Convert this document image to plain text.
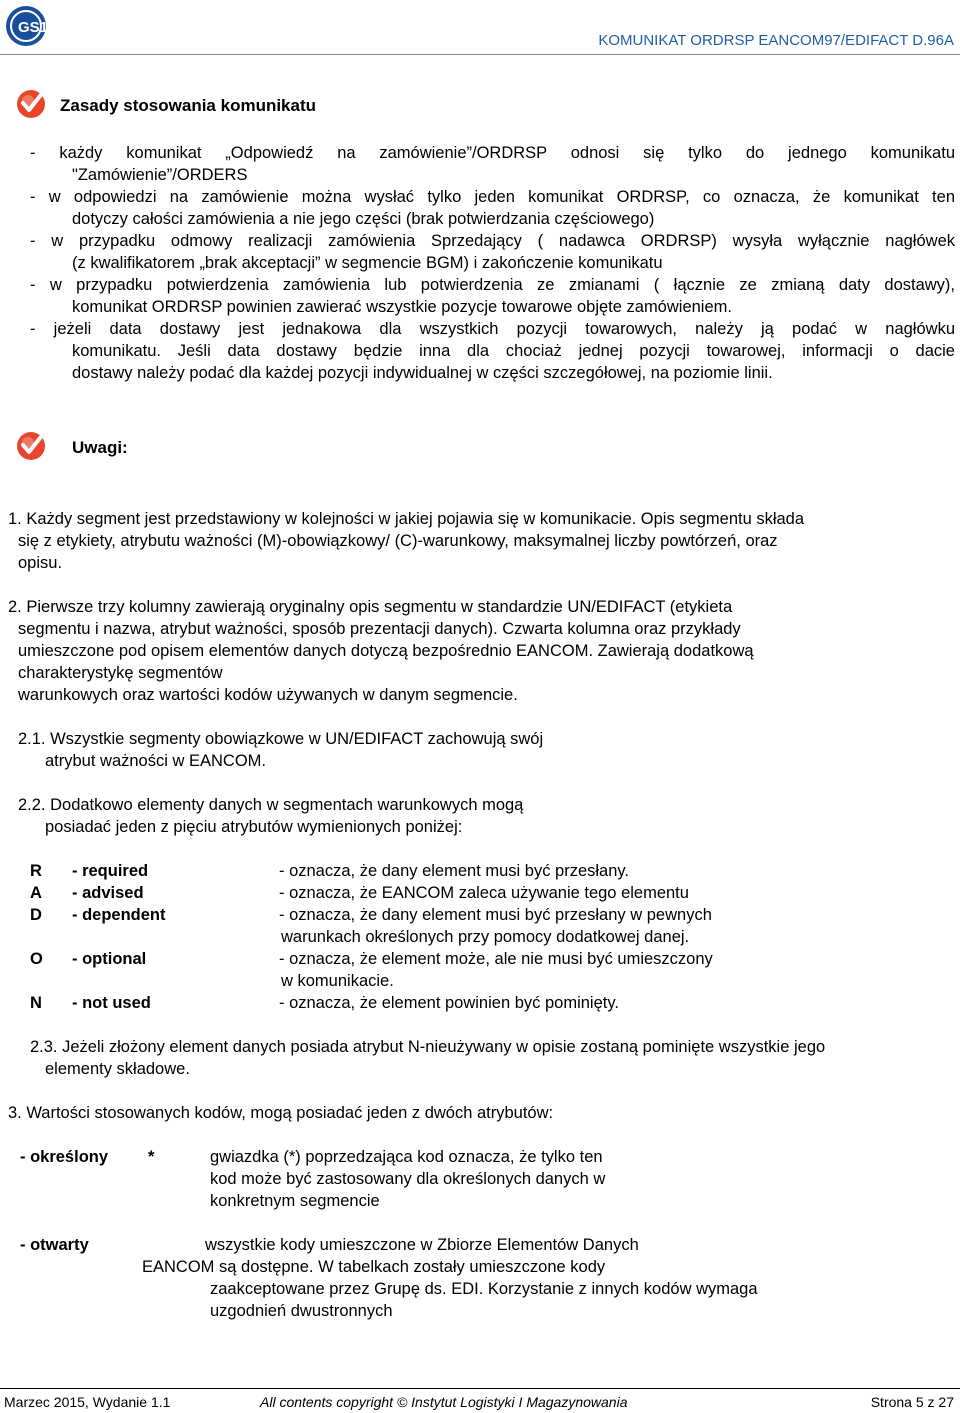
GS1
KOMUNIKAT ORDRSP EANCOM97/EDIFACT D.96A
Zasady stosowania komunikatu
- każdy komunikat „Odpowiedź na zamówienie”/ORDRSP odnosi się tylko do jednego komunikatu
"Zamówienie”/ORDERS
- w odpowiedzi na zamówienie można wysłać tylko jeden komunikat ORDRSP, co oznacza, że komunikat ten
dotyczy całości zamówienia a nie jego części (brak potwierdzania częściowego)
- w przypadku odmowy realizacji zamówienia Sprzedający ( nadawca ORDRSP) wysyła wyłącznie nagłówek
(z kwalifikatorem „brak akceptacji” w segmencie BGM) i zakończenie komunikatu
- w przypadku potwierdzenia zamówienia lub potwierdzenia ze zmianami ( łącznie ze zmianą daty dostawy),
komunikat ORDRSP powinien zawierać wszystkie pozycje towarowe objęte zamówieniem.
- jeżeli data dostawy jest jednakowa dla wszystkich pozycji towarowych, należy ją podać w nagłówku
komunikatu. Jeśli data dostawy będzie inna dla chociaż jednej pozycji towarowej, informacji o dacie
dostawy należy podać dla każdej pozycji indywidualnej w części szczegółowej, na poziomie linii.
Uwagi:
1. Każdy segment jest przedstawiony w kolejności w jakiej pojawia się w komunikacie. Opis segmentu składa
się z etykiety, atrybutu ważności (M)-obowiązkowy/ (C)-warunkowy, maksymalnej liczby powtórzeń, oraz
opisu.
2. Pierwsze trzy kolumny zawierają oryginalny opis segmentu w standardzie UN/EDIFACT (etykieta
segmentu i nazwa, atrybut ważności, sposób prezentacji danych). Czwarta kolumna oraz przykłady
umieszczone pod opisem elementów danych dotyczą bezpośrednio EANCOM. Zawierają dodatkową
charakterystykę segmentów
warunkowych oraz wartości kodów używanych w danym segmencie.
2.1. Wszystkie segmenty obowiązkowe w UN/EDIFACT zachowują swój
atrybut ważności w EANCOM.
2.2. Dodatkowo elementy danych w segmentach warunkowych mogą
posiadać jeden z pięciu atrybutów wymienionych poniżej:
R - required	- oznacza, że dany element musi być przesłany.
A - advised	- oznacza, że EANCOM zaleca używanie tego elementu
D - dependent	- oznacza, że dany element musi być przesłany w pewnych
warunkach określonych przy pomocy dodatkowej danej.
O - optional	- oznacza, że element może, ale nie musi być umieszczony
w komunikacie.
N - not used	- oznacza, że element powinien być pominięty.
2.3. Jeżeli złożony element danych posiada atrybut N-nieużywany w opisie zostaną pominięte wszystkie jego
elementy składowe.
3. Wartości stosowanych kodów, mogą posiadać jeden z dwóch atrybutów:
- określony *	gwiazdka (*) poprzedzająca kod oznacza, że tylko ten
kod może być zastosowany dla określonych danych w
konkretnym segmencie
- otwarty	wszystkie kody umieszczone w Zbiorze Elementów Danych
EANCOM są dostępne. W tabelkach zostały umieszczone kody
zaakceptowane przez Grupę ds. EDI. Korzystanie z innych kodów wymaga
uzgodnień dwustronnych
Marzec 2015, Wydanie 1.1	All contents copyright © Instytut Logistyki I Magazynowania	Strona 5 z 27
